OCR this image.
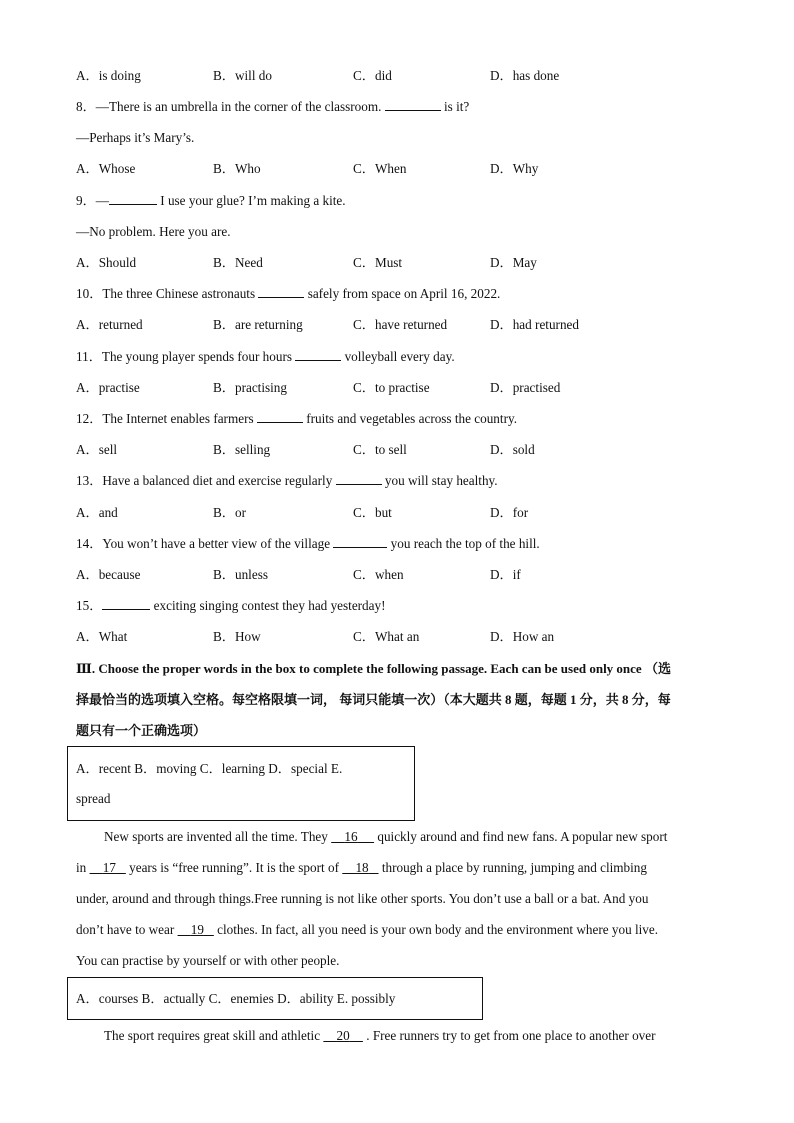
A．is doing	B．will do	C．did	D．has done
8．—There is an umbrella in the corner of the classroom.	is it?
—Perhaps it’s Mary’s.
A．Whose	B．Who	C．When	D．Why
9．—	I use your glue? I’m making a kite.
—No problem. Here you are.
A．Should	B．Need	C．Must	D．May
10．The three Chinese astronauts	safely from space on April 16, 2022.
A．returned	B．are returning	C．have returned	D．had returned
11．The young player spends four hours	volleyball every day.
A．practise	B．practising	C．to practise	D．practised
12．The Internet enables farmers	fruits and vegetables across the country.
A．sell	B．selling	C．to sell	D．sold
13．Have a balanced diet and exercise regularly	you will stay healthy.
A．and	B．or	C．but	D．for
14．You won’t have a better view of the village	you reach the top of the hill.
A．because	B．unless	C．when	D．if
15．	exciting singing contest they had yesterday!
A．What	B．How	C．What an	D．How an
Ⅲ. Choose the proper words in the box to complete the following passage. Each can be used only once （选
择最恰当的选项填入空格。每空格限填一词， 每词只能填一次）（本大题共 8 题，每题 1 分，共 8 分，每
题只有一个正确选项）
A．recent B．moving C．learning D．special E.
spread
New sports are invented all the time. They     16      quickly around and find new fans. A popular new sport
in     17    years is “free running”. It is the sport of     18    through a place by running, jumping and climbing
under, around and through things.Free running is not like other sports. You don’t use a ball or a bat. And you
don’t have to wear     19    clothes. In fact, all you need is your own body and the environment where you live.
You can practise by yourself or with other people.
A．courses B．actually C．enemies D．ability E. possibly
The sport requires great skill and athletic     20     . Free runners try to get from one place to another over
